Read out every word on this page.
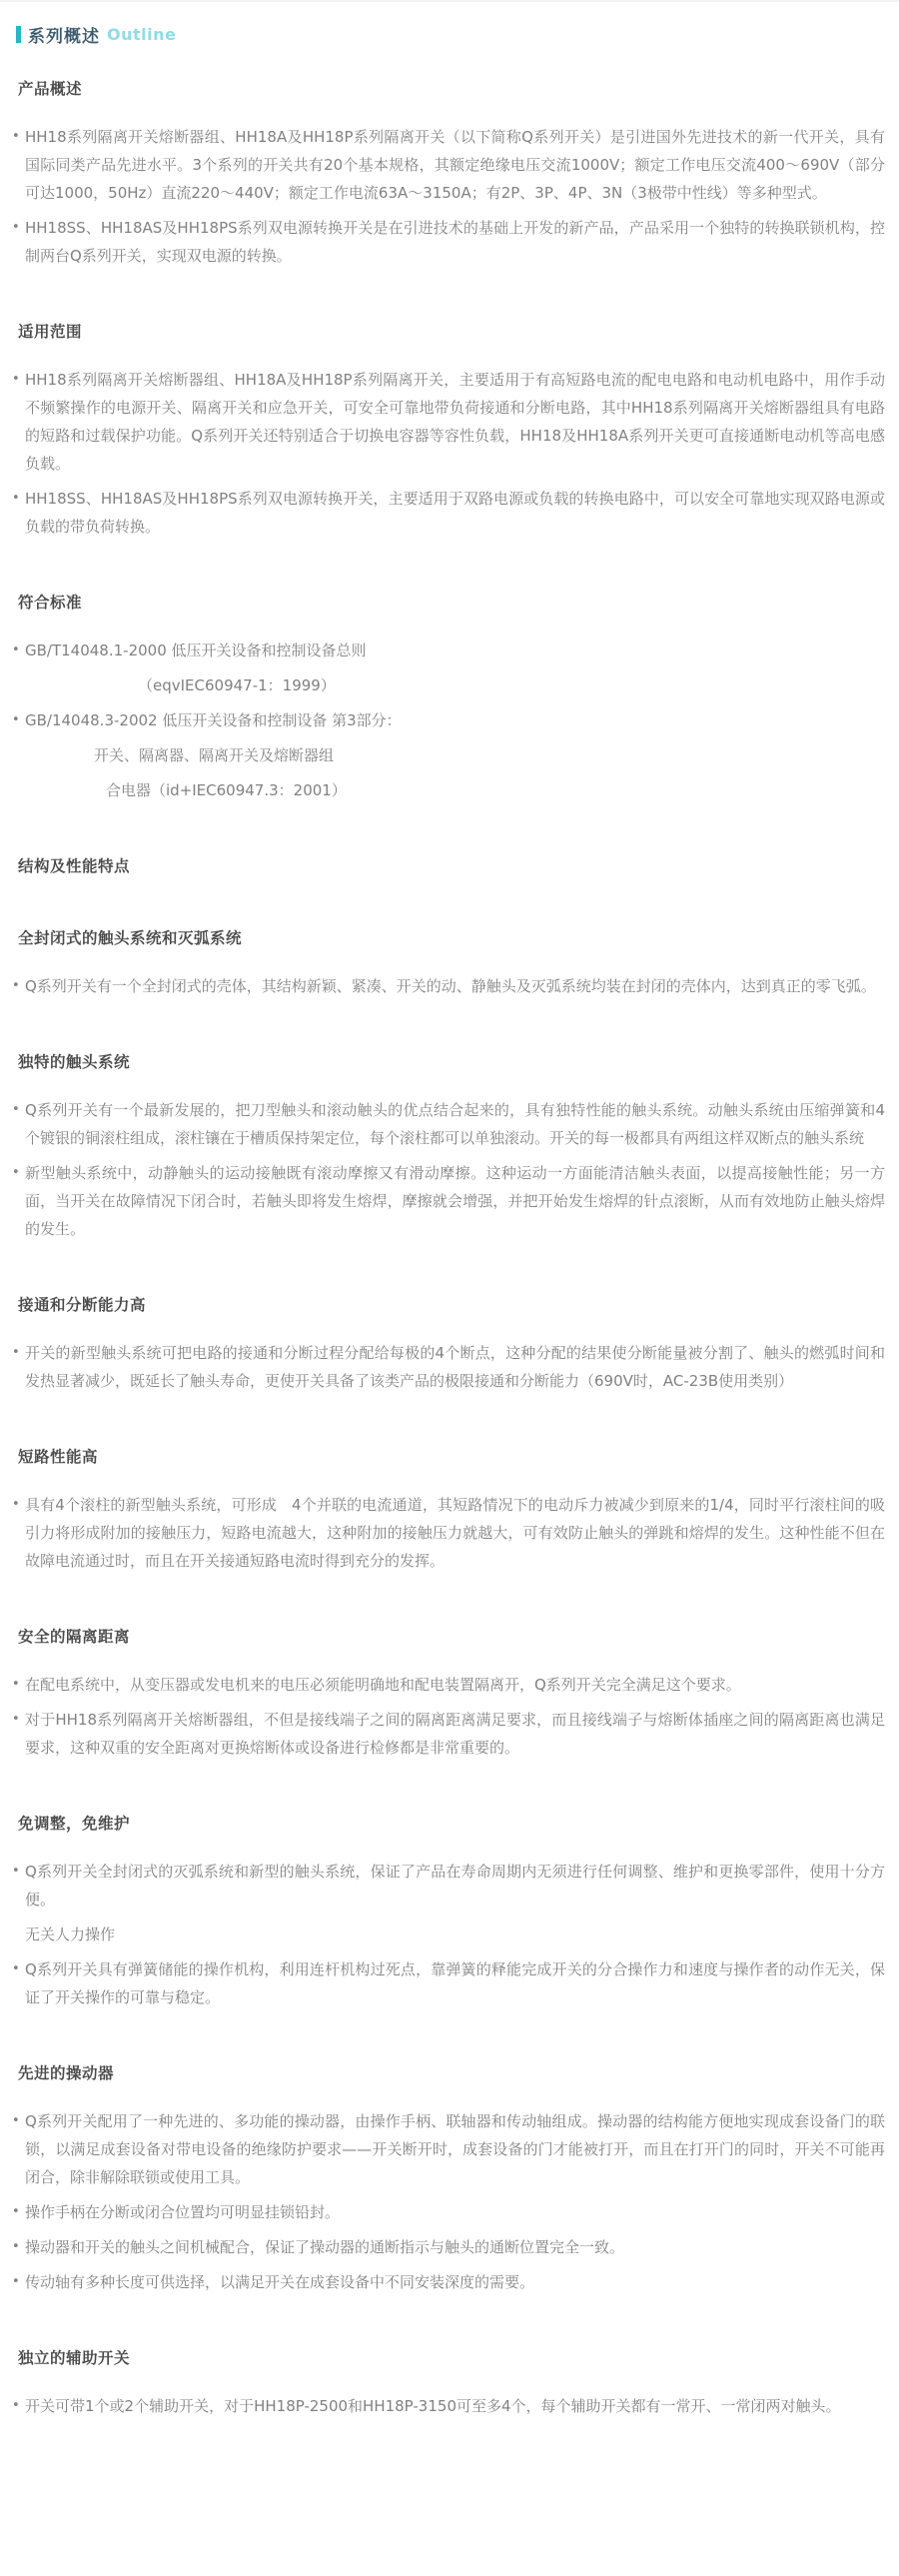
系列概述 Outline
产品概述

• HH18系列隔离开关熔断器组、HH18A及HH18P系列隔离开关（以下简称Q系列开关）是引进国外先进技术的新一代开关，具有国际同类产品先进水平。3个系列的开关共有20个基本规格，其额定绝缘电压交流1000V；额定工作电压交流400～690V（部分可达1000，50Hz）直流220～440V；额定工作电流63A～3150A；有2P、3P、4P、3N（3极带中性线）等多种型式。

• HH18SS、HH18AS及HH18PS系列双电源转换开关是在引进技术的基础上开发的新产品，产品采用一个独特的转换联锁机构，控制两台Q系列开关，实现双电源的转换。

适用范围

• HH18系列隔离开关熔断器组、HH18A及HH18P系列隔离开关，主要适用于有高短路电流的配电电路和电动机电路中，用作手动不频繁操作的电源开关、隔离开关和应急开关，可安全可靠地带负荷接通和分断电路，其中HH18系列隔离开关熔断器组具有电路的短路和过载保护功能。Q系列开关还特别适合于切换电容器等容性负载，HH18及HH18A系列开关更可直接通断电动机等高电感负载。

• HH18SS、HH18AS及HH18PS系列双电源转换开关，主要适用于双路电源或负载的转换电路中，可以安全可靠地实现双路电源或负载的带负荷转换。

符合标准

• GB/T14048.1-2000 低压开关设备和控制设备总则

（eqvIEC60947-1：1999）

• GB/14048.3-2002 低压开关设备和控制设备 第3部分：

开关、隔离器、隔离开关及熔断器组

合电器（id+IEC60947.3：2001）

结构及性能特点
全封闭式的触头系统和灭弧系统

• Q系列开关有一个全封闭式的壳体，其结构新颖、紧凑、开关的动、静触头及灭弧系统均装在封闭的壳体内，达到真正的零飞弧。

独特的触头系统

• Q系列开关有一个最新发展的，把刀型触头和滚动触头的优点结合起来的，具有独特性能的触头系统。动触头系统由压缩弹簧和4个镀银的铜滚柱组成，滚柱镶在于槽质保持架定位，每个滚柱都可以单独滚动。开关的每一极都具有两组这样双断点的触头系统

• 新型触头系统中，动静触头的运动接触既有滚动摩擦又有滑动摩擦。这种运动一方面能清洁触头表面，以提高接触性能；另一方面，当开关在故障情况下闭合时，若触头即将发生熔焊，摩擦就会增强，并把开始发生熔焊的针点滚断，从而有效地防止触头熔焊的发生。

接通和分断能力高

• 开关的新型触头系统可把电路的接通和分断过程分配给每极的4个断点，这种分配的结果使分断能量被分割了、触头的燃弧时间和发热显著减少，既延长了触头寿命，更使开关具备了该类产品的极限接通和分断能力（690V时，AC-23B使用类别）

短路性能高

• 具有4个滚柱的新型触头系统，可形成　4个并联的电流通道，其短路情况下的电动斥力被减少到原来的1/4，同时平行滚柱间的吸引力将形成附加的接触压力，短路电流越大，这种附加的接触压力就越大，可有效防止触头的弹跳和熔焊的发生。这种性能不但在故障电流通过时，而且在开关接通短路电流时得到充分的发挥。

安全的隔离距离

• 在配电系统中，从变压器或发电机来的电压必须能明确地和配电装置隔离开，Q系列开关完全满足这个要求。

• 对于HH18系列隔离开关熔断器组，不但是接线端子之间的隔离距离满足要求，而且接线端子与熔断体插座之间的隔离距离也满足要求，这种双重的安全距离对更换熔断体或设备进行检修都是非常重要的。

免调整，免维护

• Q系列开关全封闭式的灭弧系统和新型的触头系统，保证了产品在寿命周期内无须进行任何调整、维护和更换零部件，使用十分方便。

无关人力操作

• Q系列开关具有弹簧储能的操作机构，利用连杆机构过死点，靠弹簧的释能完成开关的分合操作力和速度与操作者的动作无关，保证了开关操作的可靠与稳定。

先进的操动器

• Q系列开关配用了一种先进的、多功能的操动器，由操作手柄、联轴器和传动轴组成。操动器的结构能方便地实现成套设备门的联锁，以满足成套设备对带电设备的绝缘防护要求——开关断开时，成套设备的门才能被打开，而且在打开门的同时，开关不可能再闭合，除非解除联锁或使用工具。

• 操作手柄在分断或闭合位置均可明显挂锁铅封。

• 操动器和开关的触头之间机械配合，保证了操动器的通断指示与触头的通断位置完全一致。

• 传动轴有多种长度可供选择，以满足开关在成套设备中不同安装深度的需要。

独立的辅助开关

• 开关可带1个或2个辅助开关，对于HH18P-2500和HH18P-3150可至多4个，每个辅助开关都有一常开、一常闭两对触头。
